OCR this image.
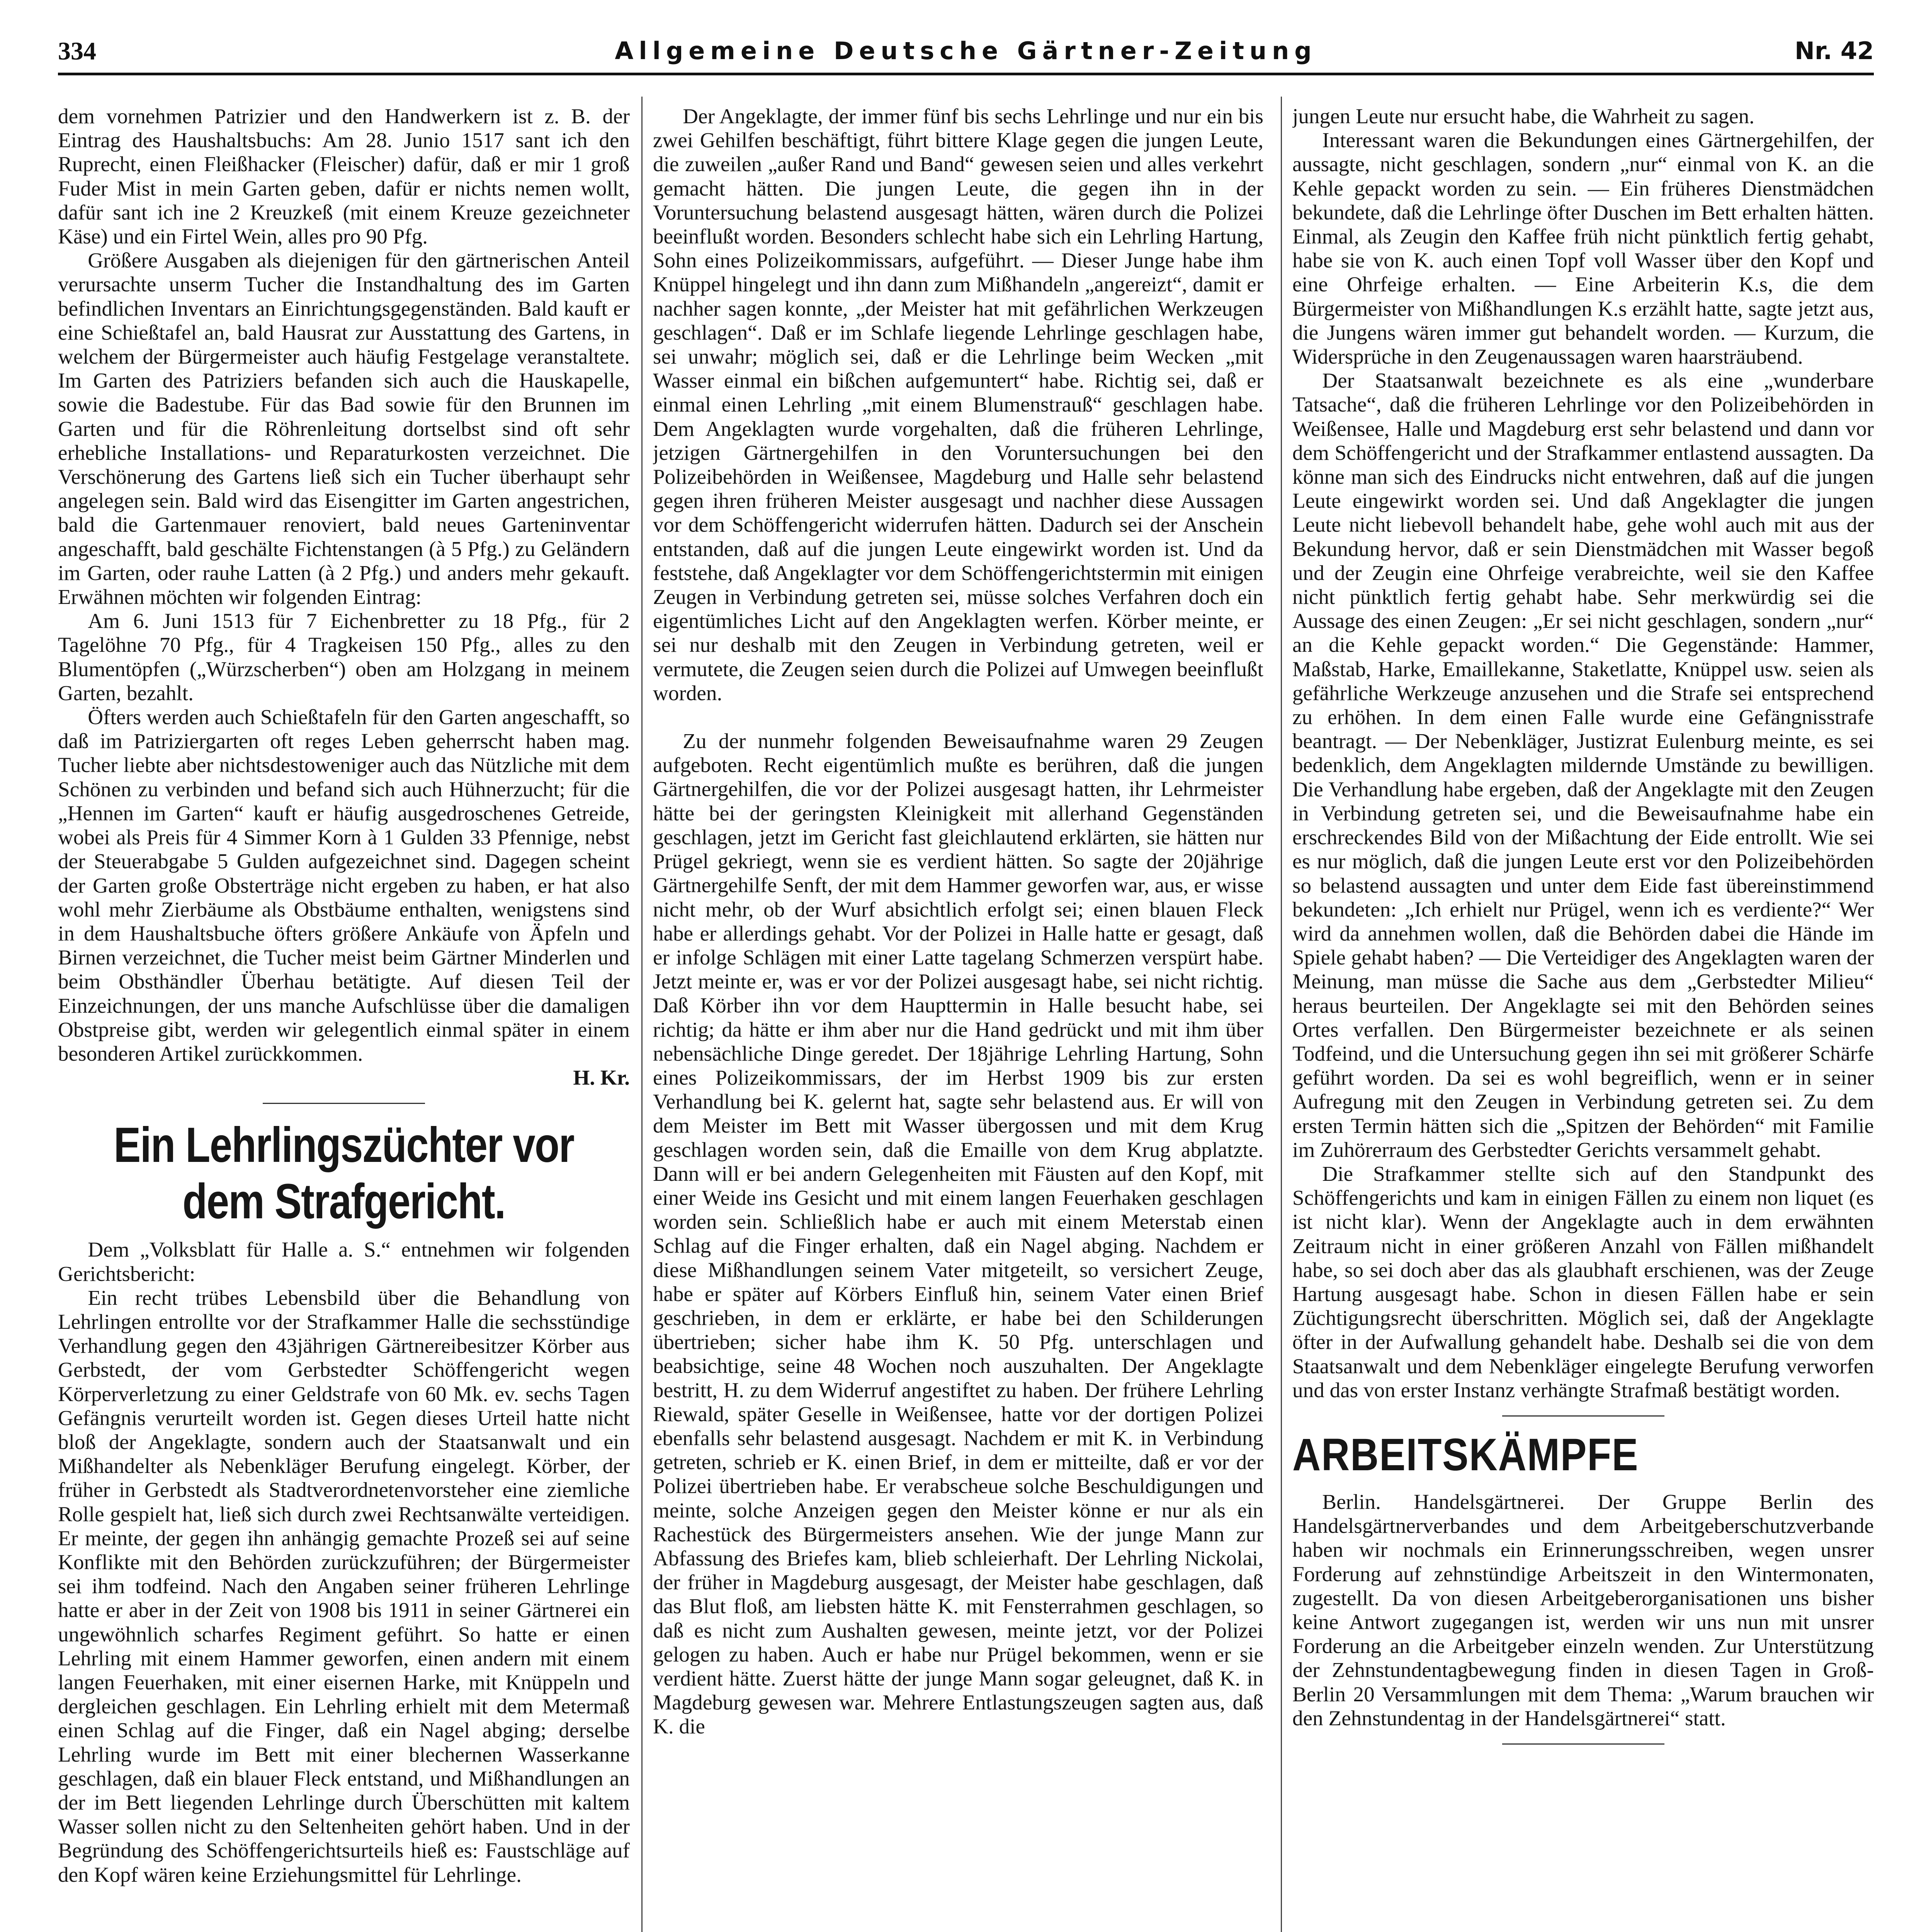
334	Allgemeine Deutsche Gärtner-Zeitung	Nr. 42

dem vornehmen Patrizier und den Handwerkern ist z. B. der Eintrag des Haushaltsbuchs: Am 28. Junio 1517 sant ich den Ruprecht, einen Fleißhacker (Fleischer) dafür, daß er mir 1 groß Fuder Mist in mein Garten geben, dafür er nichts nemen wollt, dafür sant ich ine 2 Kreuzkeß (mit einem Kreuze gezeichneter Käse) und ein Firtel Wein, alles pro 90 Pfg.

Größere Ausgaben als diejenigen für den gärtnerischen Anteil verursachte unserm Tucher die Instandhaltung des im Garten befindlichen Inventars an Einrichtungsgegenständen. Bald kauft er eine Schießtafel an, bald Hausrat zur Ausstattung des Gartens, in welchem der Bürgermeister auch häufig Festgelage veranstaltete. Im Garten des Patriziers befanden sich auch die Hauskapelle, sowie die Badestube. Für das Bad sowie für den Brunnen im Garten und für die Röhrenleitung dortselbst sind oft sehr erhebliche Installations- und Reparaturkosten verzeichnet. Die Verschönerung des Gartens ließ sich ein Tucher überhaupt sehr angelegen sein. Bald wird das Eisengitter im Garten angestrichen, bald die Gartenmauer renoviert, bald neues Garteninventar angeschafft, bald geschälte Fichtenstangen (à 5 Pfg.) zu Geländern im Garten, oder rauhe Latten (à 2 Pfg.) und anders mehr gekauft. Erwähnen möchten wir folgenden Eintrag:

Am 6. Juni 1513 für 7 Eichenbretter zu 18 Pfg., für 2 Tagelöhne 70 Pfg., für 4 Tragkeisen 150 Pfg., alles zu den Blumentöpfen („Würzscherben“) oben am Holzgang in meinem Garten, bezahlt.

Öfters werden auch Schießtafeln für den Garten angeschafft, so daß im Patriziergarten oft reges Leben geherrscht haben mag. Tucher liebte aber nichtsdestoweniger auch das Nützliche mit dem Schönen zu verbinden und befand sich auch Hühnerzucht; für die „Hennen im Garten“ kauft er häufig ausgedroschenes Getreide, wobei als Preis für 4 Simmer Korn à 1 Gulden 33 Pfennige, nebst der Steuerabgabe 5 Gulden aufgezeichnet sind. Dagegen scheint der Garten große Obsterträge nicht ergeben zu haben, er hat also wohl mehr Zierbäume als Obstbäume enthalten, wenigstens sind in dem Haushaltsbuche öfters größere Ankäufe von Äpfeln und Birnen verzeichnet, die Tucher meist beim Gärtner Minderlen und beim Obsthändler Überhau betätigte. Auf diesen Teil der Einzeichnungen, der uns manche Aufschlüsse über die damaligen Obstpreise gibt, werden wir gelegentlich einmal später in einem besonderen Artikel zurückkommen.

H. Kr.

Ein Lehrlingszüchter vor dem Strafgericht.

Dem „Volksblatt für Halle a. S.“ entnehmen wir folgenden Gerichtsbericht:

Ein recht trübes Lebensbild über die Behandlung von Lehrlingen entrollte vor der Strafkammer Halle die sechsstündige Verhandlung gegen den 43jährigen Gärtnereibesitzer Körber aus Gerbstedt, der vom Gerbstedter Schöffengericht wegen Körperverletzung zu einer Geldstrafe von 60 Mk. ev. sechs Tagen Gefängnis verurteilt worden ist. Gegen dieses Urteil hatte nicht bloß der Angeklagte, sondern auch der Staatsanwalt und ein Mißhandelter als Nebenkläger Berufung eingelegt. Körber, der früher in Gerbstedt als Stadtverordnetenvorsteher eine ziemliche Rolle gespielt hat, ließ sich durch zwei Rechtsanwälte verteidigen. Er meinte, der gegen ihn anhängig gemachte Prozeß sei auf seine Konflikte mit den Behörden zurückzuführen; der Bürgermeister sei ihm todfeind. Nach den Angaben seiner früheren Lehrlinge hatte er aber in der Zeit von 1908 bis 1911 in seiner Gärtnerei ein ungewöhnlich scharfes Regiment geführt. So hatte er einen Lehrling mit einem Hammer geworfen, einen andern mit einem langen Feuerhaken, mit einer eisernen Harke, mit Knüppeln und dergleichen geschlagen. Ein Lehrling erhielt mit dem Metermaß einen Schlag auf die Finger, daß ein Nagel abging; derselbe Lehrling wurde im Bett mit einer blechernen Wasserkanne geschlagen, daß ein blauer Fleck entstand, und Mißhandlungen an der im Bett liegenden Lehrlinge durch Überschütten mit kaltem Wasser sollen nicht zu den Seltenheiten gehört haben. Und in der Begründung des Schöffengerichtsurteils hieß es: Faustschläge auf den Kopf wären keine Erziehungsmittel für Lehrlinge.

Der Angeklagte, der immer fünf bis sechs Lehrlinge und nur ein bis zwei Gehilfen beschäftigt, führt bittere Klage gegen die jungen Leute, die zuweilen „außer Rand und Band“ gewesen seien und alles verkehrt gemacht hätten. Die jungen Leute, die gegen ihn in der Voruntersuchung belastend ausgesagt hätten, wären durch die Polizei beeinflußt worden. Besonders schlecht habe sich ein Lehrling Hartung, Sohn eines Polizeikommissars, aufgeführt. — Dieser Junge habe ihm Knüppel hingelegt und ihn dann zum Mißhandeln „angereizt“, damit er nachher sagen konnte, „der Meister hat mit gefährlichen Werkzeugen geschlagen“. Daß er im Schlafe liegende Lehrlinge geschlagen habe, sei unwahr; möglich sei, daß er die Lehrlinge beim Wecken „mit Wasser einmal ein bißchen aufgemuntert“ habe. Richtig sei, daß er einmal einen Lehrling „mit einem Blumenstrauß“ geschlagen habe. Dem Angeklagten wurde vorgehalten, daß die früheren Lehrlinge, jetzigen Gärtnergehilfen in den Voruntersuchungen bei den Polizeibehörden in Weißensee, Magdeburg und Halle sehr belastend gegen ihren früheren Meister ausgesagt und nachher diese Aussagen vor dem Schöffengericht widerrufen hätten. Dadurch sei der Anschein entstanden, daß auf die jungen Leute eingewirkt worden ist. Und da feststehe, daß Angeklagter vor dem Schöffengerichtstermin mit einigen Zeugen in Verbindung getreten sei, müsse solches Verfahren doch ein eigentümliches Licht auf den Angeklagten werfen. Körber meinte, er sei nur deshalb mit den Zeugen in Verbindung getreten, weil er vermutete, die Zeugen seien durch die Polizei auf Umwegen beeinflußt worden.

Zu der nunmehr folgenden Beweisaufnahme waren 29 Zeugen aufgeboten. Recht eigentümlich mußte es berühren, daß die jungen Gärtnergehilfen, die vor der Polizei ausgesagt hatten, ihr Lehrmeister hätte bei der geringsten Kleinigkeit mit allerhand Gegenständen geschlagen, jetzt im Gericht fast gleichlautend erklärten, sie hätten nur Prügel gekriegt, wenn sie es verdient hätten. So sagte der 20jährige Gärtnergehilfe Senft, der mit dem Hammer geworfen war, aus, er wisse nicht mehr, ob der Wurf absichtlich erfolgt sei; einen blauen Fleck habe er allerdings gehabt. Vor der Polizei in Halle hatte er gesagt, daß er infolge Schlägen mit einer Latte tagelang Schmerzen verspürt habe. Jetzt meinte er, was er vor der Polizei ausgesagt habe, sei nicht richtig. Daß Körber ihn vor dem Haupttermin in Halle besucht habe, sei richtig; da hätte er ihm aber nur die Hand gedrückt und mit ihm über nebensächliche Dinge geredet. Der 18jährige Lehrling Hartung, Sohn eines Polizeikommissars, der im Herbst 1909 bis zur ersten Verhandlung bei K. gelernt hat, sagte sehr belastend aus. Er will von dem Meister im Bett mit Wasser übergossen und mit dem Krug geschlagen worden sein, daß die Emaille von dem Krug abplatzte. Dann will er bei andern Gelegenheiten mit Fäusten auf den Kopf, mit einer Weide ins Gesicht und mit einem langen Feuerhaken geschlagen worden sein. Schließlich habe er auch mit einem Meterstab einen Schlag auf die Finger erhalten, daß ein Nagel abging. Nachdem er diese Mißhandlungen seinem Vater mitgeteilt, so versichert Zeuge, habe er später auf Körbers Einfluß hin, seinem Vater einen Brief geschrieben, in dem er erklärte, er habe bei den Schilderungen übertrieben; sicher habe ihm K. 50 Pfg. unterschlagen und beabsichtige, seine 48 Wochen noch auszuhalten. Der Angeklagte bestritt, H. zu dem Widerruf angestiftet zu haben. Der frühere Lehrling Riewald, später Geselle in Weißensee, hatte vor der dortigen Polizei ebenfalls sehr belastend ausgesagt. Nachdem er mit K. in Verbindung getreten, schrieb er K. einen Brief, in dem er mitteilte, daß er vor der Polizei übertrieben habe. Er verabscheue solche Beschuldigungen und meinte, solche Anzeigen gegen den Meister könne er nur als ein Rachestück des Bürgermeisters ansehen. Wie der junge Mann zur Abfassung des Briefes kam, blieb schleierhaft. Der Lehrling Nickolai, der früher in Magdeburg ausgesagt, der Meister habe geschlagen, daß das Blut floß, am liebsten hätte K. mit Fensterrahmen geschlagen, so daß es nicht zum Aushalten gewesen, meinte jetzt, vor der Polizei gelogen zu haben. Auch er habe nur Prügel bekommen, wenn er sie verdient hätte. Zuerst hätte der junge Mann sogar geleugnet, daß K. in Magdeburg gewesen war. Mehrere Entlastungszeugen sagten aus, daß K. die

jungen Leute nur ersucht habe, die Wahrheit zu sagen.

Interessant waren die Bekundungen eines Gärtnergehilfen, der aussagte, nicht geschlagen, sondern „nur“ einmal von K. an die Kehle gepackt worden zu sein. — Ein früheres Dienstmädchen bekundete, daß die Lehrlinge öfter Duschen im Bett erhalten hätten. Einmal, als Zeugin den Kaffee früh nicht pünktlich fertig gehabt, habe sie von K. auch einen Topf voll Wasser über den Kopf und eine Ohrfeige erhalten. — Eine Arbeiterin K.s, die dem Bürgermeister von Mißhandlungen K.s erzählt hatte, sagte jetzt aus, die Jungens wären immer gut behandelt worden. — Kurzum, die Widersprüche in den Zeugenaussagen waren haarsträubend.

Der Staatsanwalt bezeichnete es als eine „wunderbare Tatsache“, daß die früheren Lehrlinge vor den Polizeibehörden in Weißensee, Halle und Magdeburg erst sehr belastend und dann vor dem Schöffengericht und der Strafkammer entlastend aussagten. Da könne man sich des Eindrucks nicht entwehren, daß auf die jungen Leute eingewirkt worden sei. Und daß Angeklagter die jungen Leute nicht liebevoll behandelt habe, gehe wohl auch mit aus der Bekundung hervor, daß er sein Dienstmädchen mit Wasser begoß und der Zeugin eine Ohrfeige verabreichte, weil sie den Kaffee nicht pünktlich fertig gehabt habe. Sehr merkwürdig sei die Aussage des einen Zeugen: „Er sei nicht geschlagen, sondern „nur“ an die Kehle gepackt worden.“ Die Gegenstände: Hammer, Maßstab, Harke, Emaillekanne, Staketlatte, Knüppel usw. seien als gefährliche Werkzeuge anzusehen und die Strafe sei entsprechend zu erhöhen. In dem einen Falle wurde eine Gefängnisstrafe beantragt. — Der Nebenkläger, Justizrat Eulenburg meinte, es sei bedenklich, dem Angeklagten mildernde Umstände zu bewilligen. Die Verhandlung habe ergeben, daß der Angeklagte mit den Zeugen in Verbindung getreten sei, und die Beweisaufnahme habe ein erschreckendes Bild von der Mißachtung der Eide entrollt. Wie sei es nur möglich, daß die jungen Leute erst vor den Polizeibehörden so belastend aussagten und unter dem Eide fast übereinstimmend bekundeten: „Ich erhielt nur Prügel, wenn ich es verdiente?“ Wer wird da annehmen wollen, daß die Behörden dabei die Hände im Spiele gehabt haben? — Die Verteidiger des Angeklagten waren der Meinung, man müsse die Sache aus dem „Gerbstedter Milieu“ heraus beurteilen. Der Angeklagte sei mit den Behörden seines Ortes verfallen. Den Bürgermeister bezeichnete er als seinen Todfeind, und die Untersuchung gegen ihn sei mit größerer Schärfe geführt worden. Da sei es wohl begreiflich, wenn er in seiner Aufregung mit den Zeugen in Verbindung getreten sei. Zu dem ersten Termin hätten sich die „Spitzen der Behörden“ mit Familie im Zuhörerraum des Gerbstedter Gerichts versammelt gehabt.

Die Strafkammer stellte sich auf den Standpunkt des Schöffengerichts und kam in einigen Fällen zu einem non liquet (es ist nicht klar). Wenn der Angeklagte auch in dem erwähnten Zeitraum nicht in einer größeren Anzahl von Fällen mißhandelt habe, so sei doch aber das als glaubhaft erschienen, was der Zeuge Hartung ausgesagt habe. Schon in diesen Fällen habe er sein Züchtigungsrecht überschritten. Möglich sei, daß der Angeklagte öfter in der Aufwallung gehandelt habe. Deshalb sei die von dem Staatsanwalt und dem Nebenkläger eingelegte Berufung verworfen und das von erster Instanz verhängte Strafmaß bestätigt worden.

ARBEITSKÄMPFE

Berlin. Handelsgärtnerei. Der Gruppe Berlin des Handelsgärtnerverbandes und dem Arbeitgeberschutzverbande haben wir nochmals ein Erinnerungsschreiben, wegen unsrer Forderung auf zehnstündige Arbeitszeit in den Wintermonaten, zugestellt. Da von diesen Arbeitgeberorganisationen uns bisher keine Antwort zugegangen ist, werden wir uns nun mit unsrer Forderung an die Arbeitgeber einzeln wenden. Zur Unterstützung der Zehnstundentagbewegung finden in diesen Tagen in Groß-Berlin 20 Versammlungen mit dem Thema: „Warum brauchen wir den Zehnstundentag in der Handelsgärtnerei“ statt.
